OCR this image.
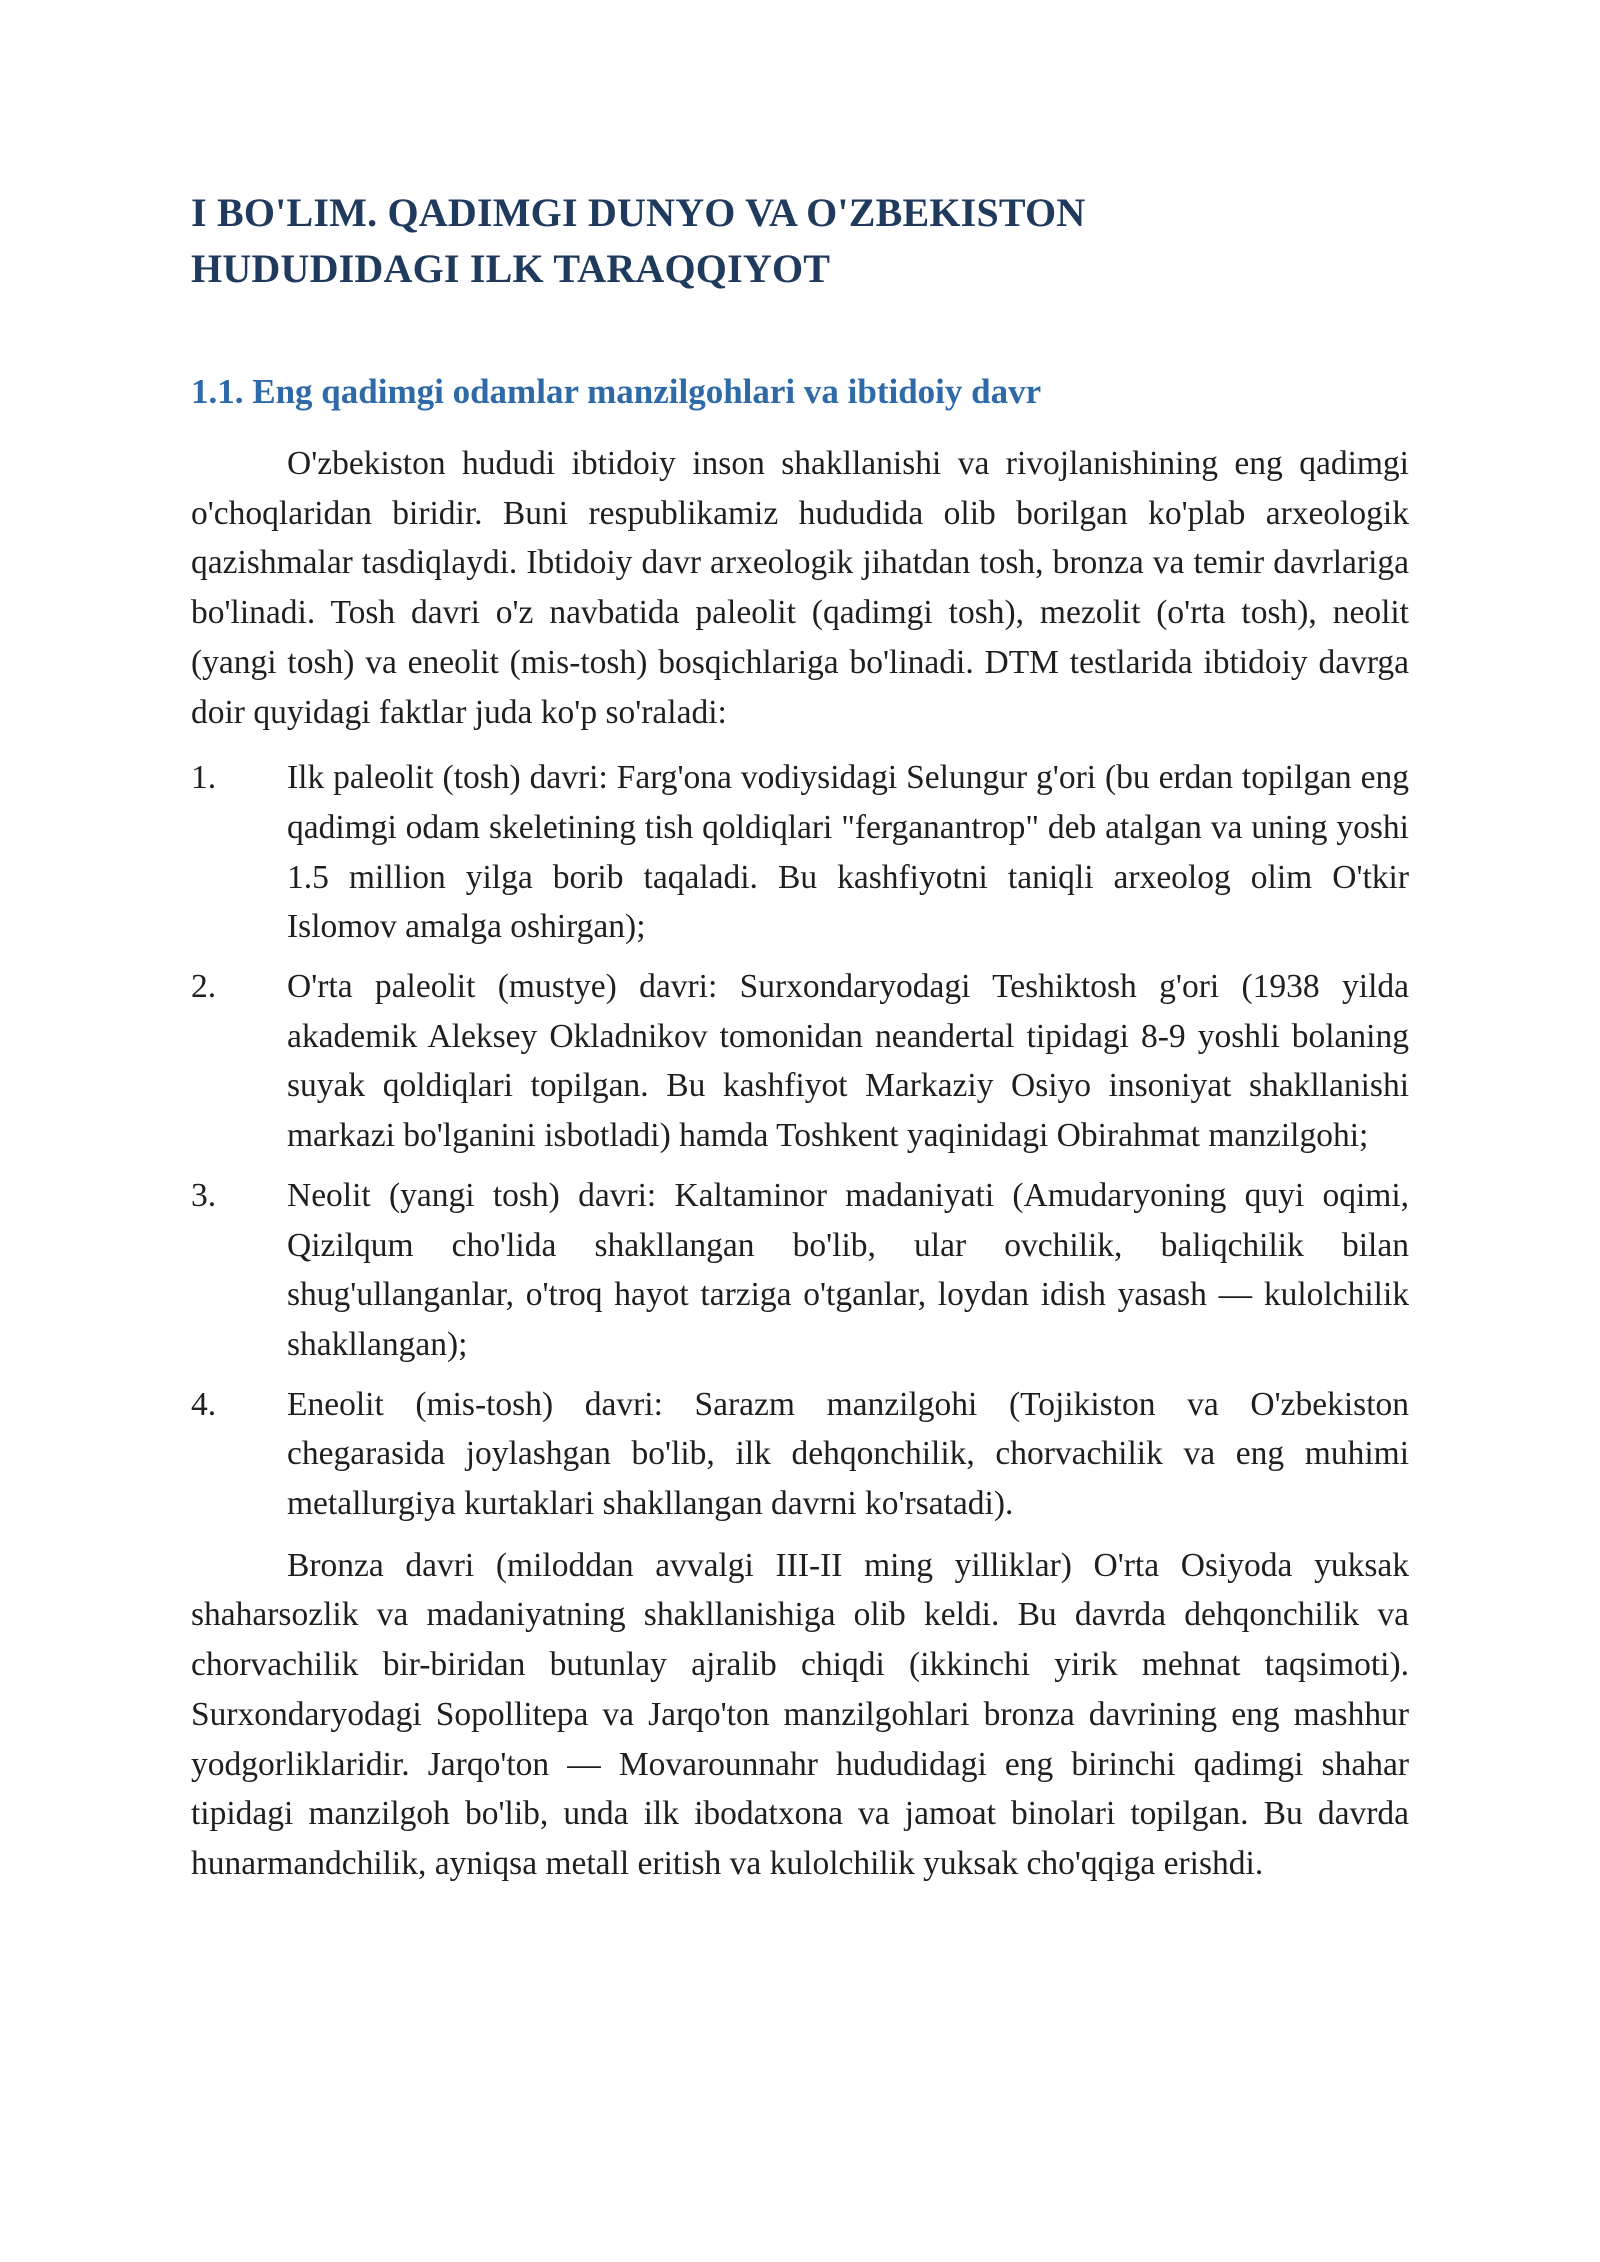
I BO'LIM. QADIMGI DUNYO VA O'ZBEKISTON HUDUDIDAGI ILK TARAQQIYOT
1.1. Eng qadimgi odamlar manzilgohlari va ibtidoiy davr

O'zbekiston hududi ibtidoiy inson shakllanishi va rivojlanishining eng qadimgi o'choqlaridan biridir. Buni respublikamiz hududida olib borilgan ko'plab arxeologik qazishmalar tasdiqlaydi. Ibtidoiy davr arxeologik jihatdan tosh, bronza va temir davrlariga bo'linadi. Tosh davri o'z navbatida paleolit (qadimgi tosh), mezolit (o'rta tosh), neolit (yangi tosh) va eneolit (mis-tosh) bosqichlariga bo'linadi. DTM testlarida ibtidoiy davrga doir quyidagi faktlar juda ko'p so'raladi:

1. Ilk paleolit (tosh) davri: Farg'ona vodiysidagi Selungur g'ori (bu erdan topilgan eng qadimgi odam skeletining tish qoldiqlari "ferganantrop" deb atalgan va uning yoshi 1.5 million yilga borib taqaladi. Bu kashfiyotni taniqli arxeolog olim O'tkir Islomov amalga oshirgan);
2. O'rta paleolit (mustye) davri: Surxondaryodagi Teshiktosh g'ori (1938 yilda akademik Aleksey Okladnikov tomonidan neandertal tipidagi 8-9 yoshli bolaning suyak qoldiqlari topilgan. Bu kashfiyot Markaziy Osiyo insoniyat shakllanishi markazi bo'lganini isbotladi) hamda Toshkent yaqinidagi Obirahmat manzilgohi;
3. Neolit (yangi tosh) davri: Kaltaminor madaniyati (Amudaryoning quyi oqimi, Qizilqum cho'lida shakllangan bo'lib, ular ovchilik, baliqchilik bilan shug'ullanganlar, o'troq hayot tarziga o'tganlar, loydan idish yasash — kulolchilik shakllangan);
4. Eneolit (mis-tosh) davri: Sarazm manzilgohi (Tojikiston va O'zbekiston chegarasida joylashgan bo'lib, ilk dehqonchilik, chorvachilik va eng muhimi metallurgiya kurtaklari shakllangan davrni ko'rsatadi).

Bronza davri (miloddan avvalgi III-II ming yilliklar) O'rta Osiyoda yuksak shaharsozlik va madaniyatning shakllanishiga olib keldi. Bu davrda dehqonchilik va chorvachilik bir-biridan butunlay ajralib chiqdi (ikkinchi yirik mehnat taqsimoti). Surxondaryodagi Sopollitepa va Jarqo'ton manzilgohlari bronza davrining eng mashhur yodgorliklaridir. Jarqo'ton — Movarounnahr hududidagi eng birinchi qadimgi shahar tipidagi manzilgoh bo'lib, unda ilk ibodatxona va jamoat binolari topilgan. Bu davrda hunarmandchilik, ayniqsa metall eritish va kulolchilik yuksak cho'qqiga erishdi.
